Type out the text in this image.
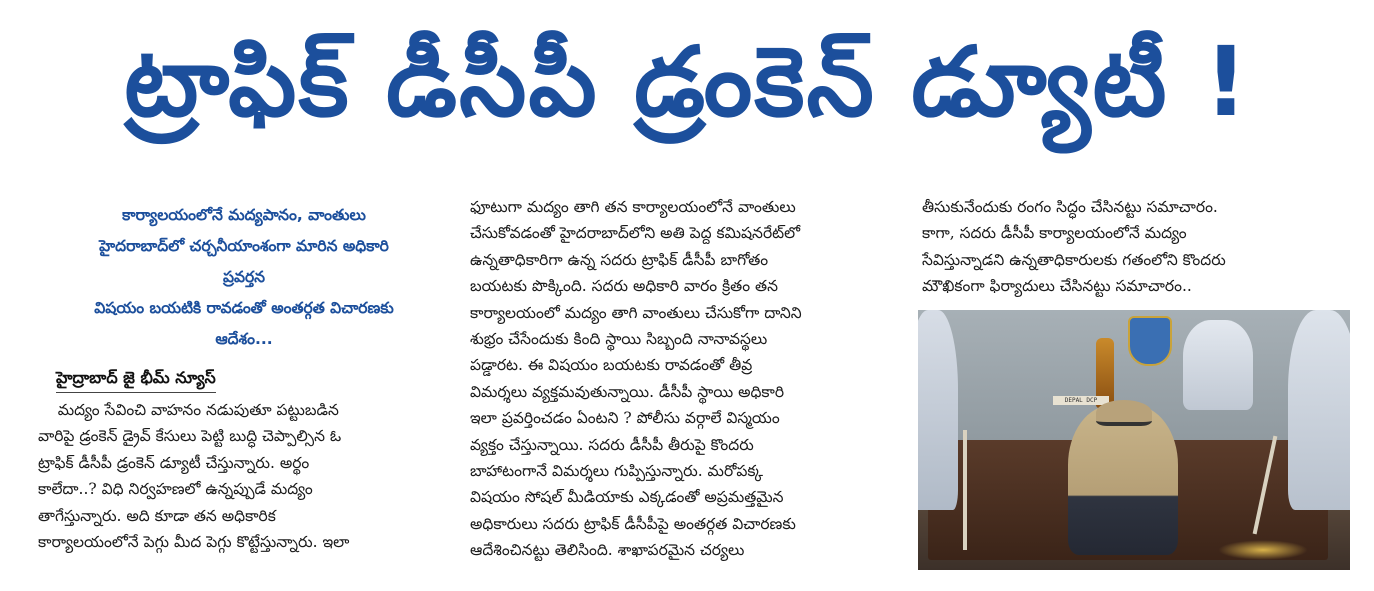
ట్రాఫిక్ డీసీపీ డ్రంకెన్ డ్యూటీ !
కార్యాలయంలోనే మద్యపానం, వాంతులు
హైదరాబాద్‌లో చర్చనీయాంశంగా మారిన అధికారి
ప్రవర్తన
విషయం బయటికి రావడంతో అంతర్గత విచారణకు
ఆదేశం...
హైద్రాబాద్ జై భీమ్ న్యూస్
మద్యం సేవించి వాహనం నడుపుతూ పట్టుబడిన
వారిపై డ్రంకెన్ డ్రైవ్ కేసులు పెట్టి బుద్ధి చెప్పాల్సిన ఓ
ట్రాఫిక్ డీసీపీ డ్రంకెన్ డ్యూటీ చేస్తున్నారు. అర్థం
కాలేదా..? విధి నిర్వహణలో ఉన్నప్పుడే మద్యం
తాగేస్తున్నారు. అది కూడా తన అధికారిక
కార్యాలయంలోనే పెగ్గు మీద పెగ్గు కొట్టేస్తున్నారు. ఇలా
ఫూటుగా మద్యం తాగి తన కార్యాలయంలోనే వాంతులు
చేసుకోవడంతో హైదరాబాద్‌లోని అతి పెద్ద కమిషనరేట్‌లో
ఉన్నతాధికారిగా ఉన్న సదరు ట్రాఫిక్ డీసీపీ బాగోతం
బయటకు పొక్కింది. సదరు అధికారి వారం క్రితం తన
కార్యాలయంలో మద్యం తాగి వాంతులు చేసుకోగా దానిని
శుభ్రం చేసేందుకు కింది స్థాయి సిబ్బంది నానావస్థలు
పడ్డారట. ఈ విషయం బయటకు రావడంతో తీవ్ర
విమర్శలు వ్యక్తమవుతున్నాయి. డీసీపీ స్థాయి అధికారి
ఇలా ప్రవర్తించడం ఏంటని ? పోలీసు వర్గాలే విస్మయం
వ్యక్తం చేస్తున్నాయి. సదరు డీసీపీ తీరుపై కొందరు
బాహాటంగానే విమర్శలు గుప్పిస్తున్నారు. మరోపక్క
విషయం సోషల్ మీడియాకు ఎక్కడంతో అప్రమత్తమైన
అధికారులు సదరు ట్రాఫిక్ డీసీపీపై అంతర్గత విచారణకు
ఆదేశించినట్టు తెలిసింది. శాఖాపరమైన చర్యలు
తీసుకునేందుకు రంగం సిద్ధం చేసినట్టు సమాచారం.
కాగా, సదరు డీసీపీ కార్యాలయంలోనే మద్యం
సేవిస్తున్నాడని ఉన్నతాధికారులకు గతంలోని కొందరు
మౌఖికంగా ఫిర్యాదులు చేసినట్టు సమాచారం..
DEPAL DCP
